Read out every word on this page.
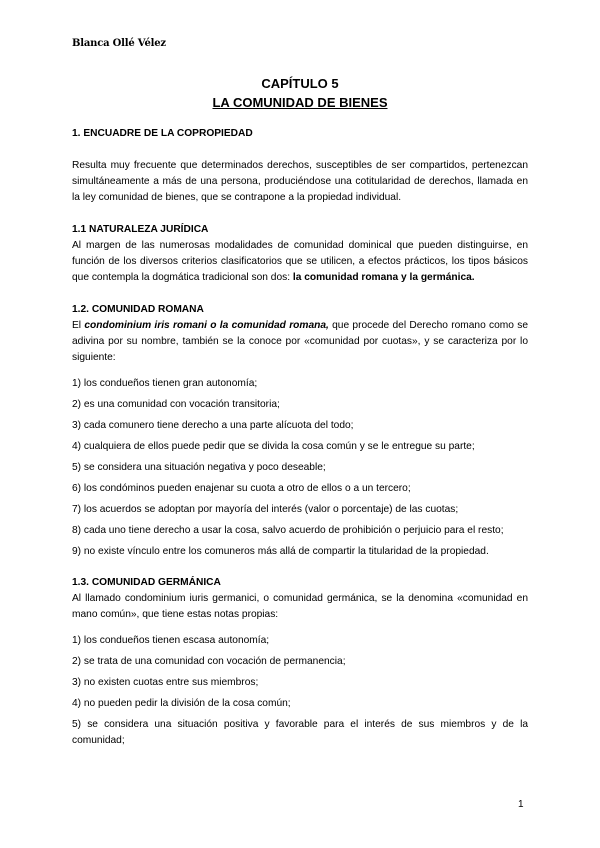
Blanca Ollé Vélez
CAPÍTULO 5
LA COMUNIDAD DE BIENES

1. ENCUADRE DE LA COPROPIEDAD

Resulta muy frecuente que determinados derechos, susceptibles de ser compartidos, pertenezcan simultáneamente a más de una persona, produciéndose una cotitularidad de derechos, llamada en la ley comunidad de bienes, que se contrapone a la propiedad individual.

1.1 NATURALEZA JURÍDICA

Al margen de las numerosas modalidades de comunidad dominical que pueden distinguirse, en función de los diversos criterios clasificatorios que se utilicen, a efectos prácticos, los tipos básicos que contempla la dogmática tradicional son dos: la comunidad romana y la germánica.

1.2. COMUNIDAD ROMANA

El condominium iris romani o la comunidad romana, que procede del Derecho romano como se adivina por su nombre, también se la conoce por «comunidad por cuotas», y se caracteriza por lo siguiente:

1) los condueños tienen gran autonomía;
2) es una comunidad con vocación transitoria;
3) cada comunero tiene derecho a una parte alícuota del todo;
4) cualquiera de ellos puede pedir que se divida la cosa común y se le entregue su parte;
5) se considera una situación negativa y poco deseable;
6) los condóminos pueden enajenar su cuota a otro de ellos o a un tercero;
7) los acuerdos se adoptan por mayoría del interés (valor o porcentaje) de las cuotas;
8) cada uno tiene derecho a usar la cosa, salvo acuerdo de prohibición o perjuicio para el resto;
9) no existe vínculo entre los comuneros más allá de compartir la titularidad de la propiedad.

1.3. COMUNIDAD GERMÁNICA

Al llamado condominium iuris germanici, o comunidad germánica, se la denomina «comunidad en mano común», que tiene estas notas propias:

1) los condueños tienen escasa autonomía;
2) se trata de una comunidad con vocación de permanencia;
3) no existen cuotas entre sus miembros;
4) no pueden pedir la división de la cosa común;
5) se considera una situación positiva y favorable para el interés de sus miembros y de la comunidad;
1
